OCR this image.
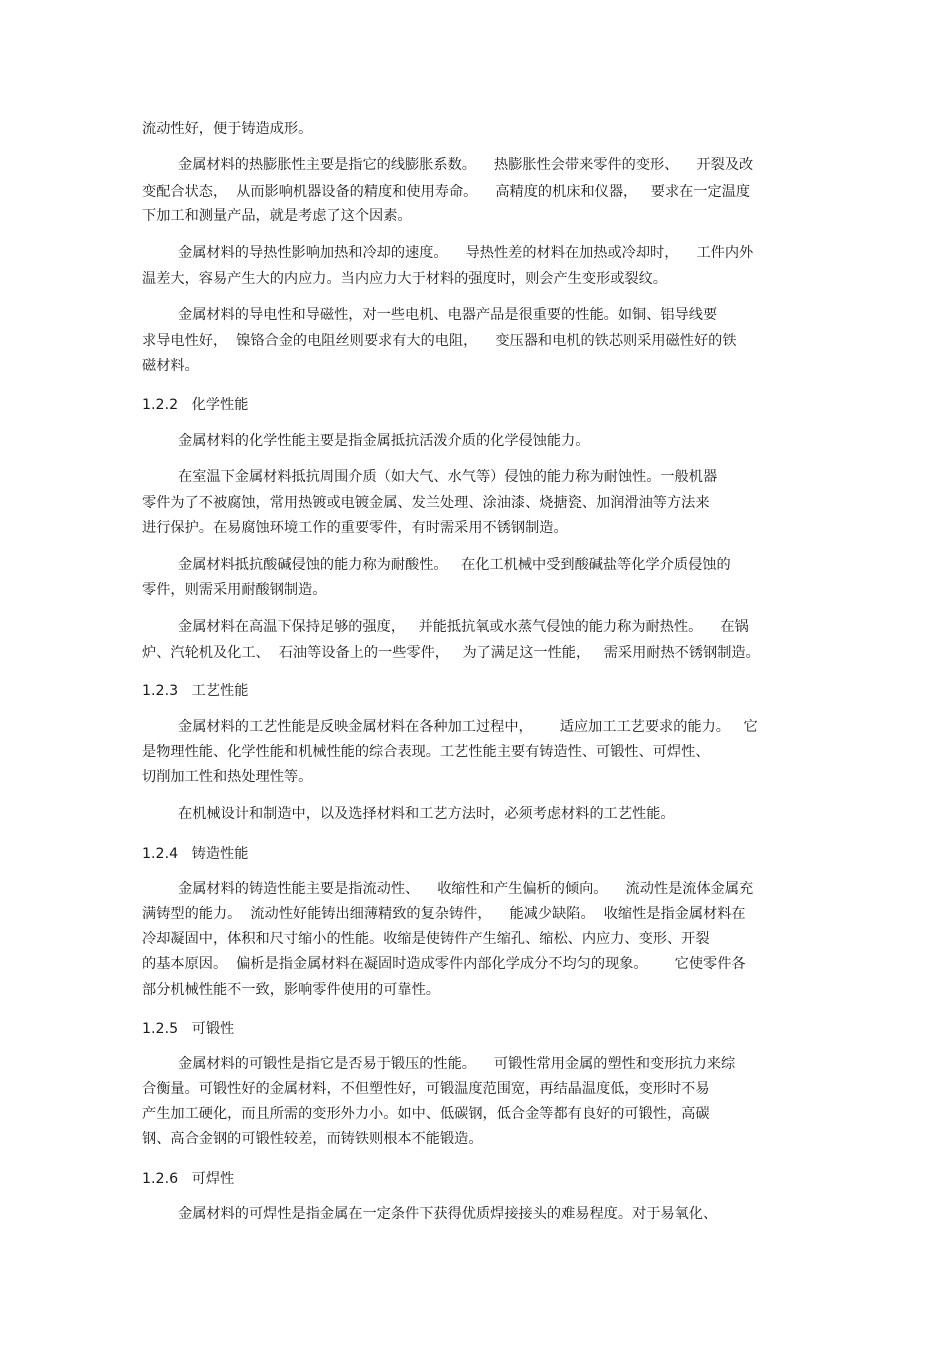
流动性好，便于铸造成形。
金属材料的热膨胀性主要是指它的线膨胀系数。    热膨胀性会带来零件的变形、    开裂及改
变配合状态，  从而影响机器设备的精度和使用寿命。    高精度的机床和仪器，   要求在一定温度
下加工和测量产品，就是考虑了这个因素。
金属材料的导热性影响加热和冷却的速度。    导热性差的材料在加热或冷却时，    工件内外
温差大，容易产生大的内应力。当内应力大于材料的强度时，则会产生变形或裂纹。
金属材料的导电性和导磁性，对一些电机、电器产品是很重要的性能。如铜、铝导线要
求导电性好，  镍铬合金的电阻丝则要求有大的电阻，    变压器和电机的铁芯则采用磁性好的铁
磁材料。
1.2.2   化学性能
金属材料的化学性能主要是指金属抵抗活泼介质的化学侵蚀能力。
在室温下金属材料抵抗周围介质（如大气、水气等）侵蚀的能力称为耐蚀性。一般机器
零件为了不被腐蚀，常用热镀或电镀金属、发兰处理、涂油漆、烧搪瓷、加润滑油等方法来
进行保护。在易腐蚀环境工作的重要零件，有时需采用不锈钢制造。
金属材料抵抗酸碱侵蚀的能力称为耐酸性。   在化工机械中受到酸碱盐等化学介质侵蚀的
零件，则需采用耐酸钢制造。
金属材料在高温下保持足够的强度，   并能抵抗氧或水蒸气侵蚀的能力称为耐热性。    在锅
炉、汽轮机及化工、  石油等设备上的一些零件，   为了满足这一性能，   需采用耐热不锈钢制造。
1.2.3   工艺性能
金属材料的工艺性能是反映金属材料在各种加工过程中，      适应加工工艺要求的能力。   它
是物理性能、化学性能和机械性能的综合表现。工艺性能主要有铸造性、可锻性、可焊性、
切削加工性和热处理性等。
在机械设计和制造中，以及选择材料和工艺方法时，必须考虑材料的工艺性能。
1.2.4   铸造性能
金属材料的铸造性能主要是指流动性、    收缩性和产生偏析的倾向。    流动性是流体金属充
满铸型的能力。  流动性好能铸出细薄精致的复杂铸件，    能减少缺陷。  收缩性是指金属材料在
冷却凝固中，体积和尺寸缩小的性能。收缩是使铸件产生缩孔、缩松、内应力、变形、开裂
的基本原因。  偏析是指金属材料在凝固时造成零件内部化学成分不均匀的现象。      它使零件各
部分机械性能不一致，影响零件使用的可靠性。
1.2.5   可锻性
金属材料的可锻性是指它是否易于锻压的性能。    可锻性常用金属的塑性和变形抗力来综
合衡量。可锻性好的金属材料，不但塑性好，可锻温度范围宽，再结晶温度低，变形时不易
产生加工硬化，而且所需的变形外力小。如中、低碳钢，低合金等都有良好的可锻性，高碳
钢、高合金钢的可锻性较差，而铸铁则根本不能锻造。
1.2.6   可焊性
金属材料的可焊性是指金属在一定条件下获得优质焊接接头的难易程度。对于易氧化、
